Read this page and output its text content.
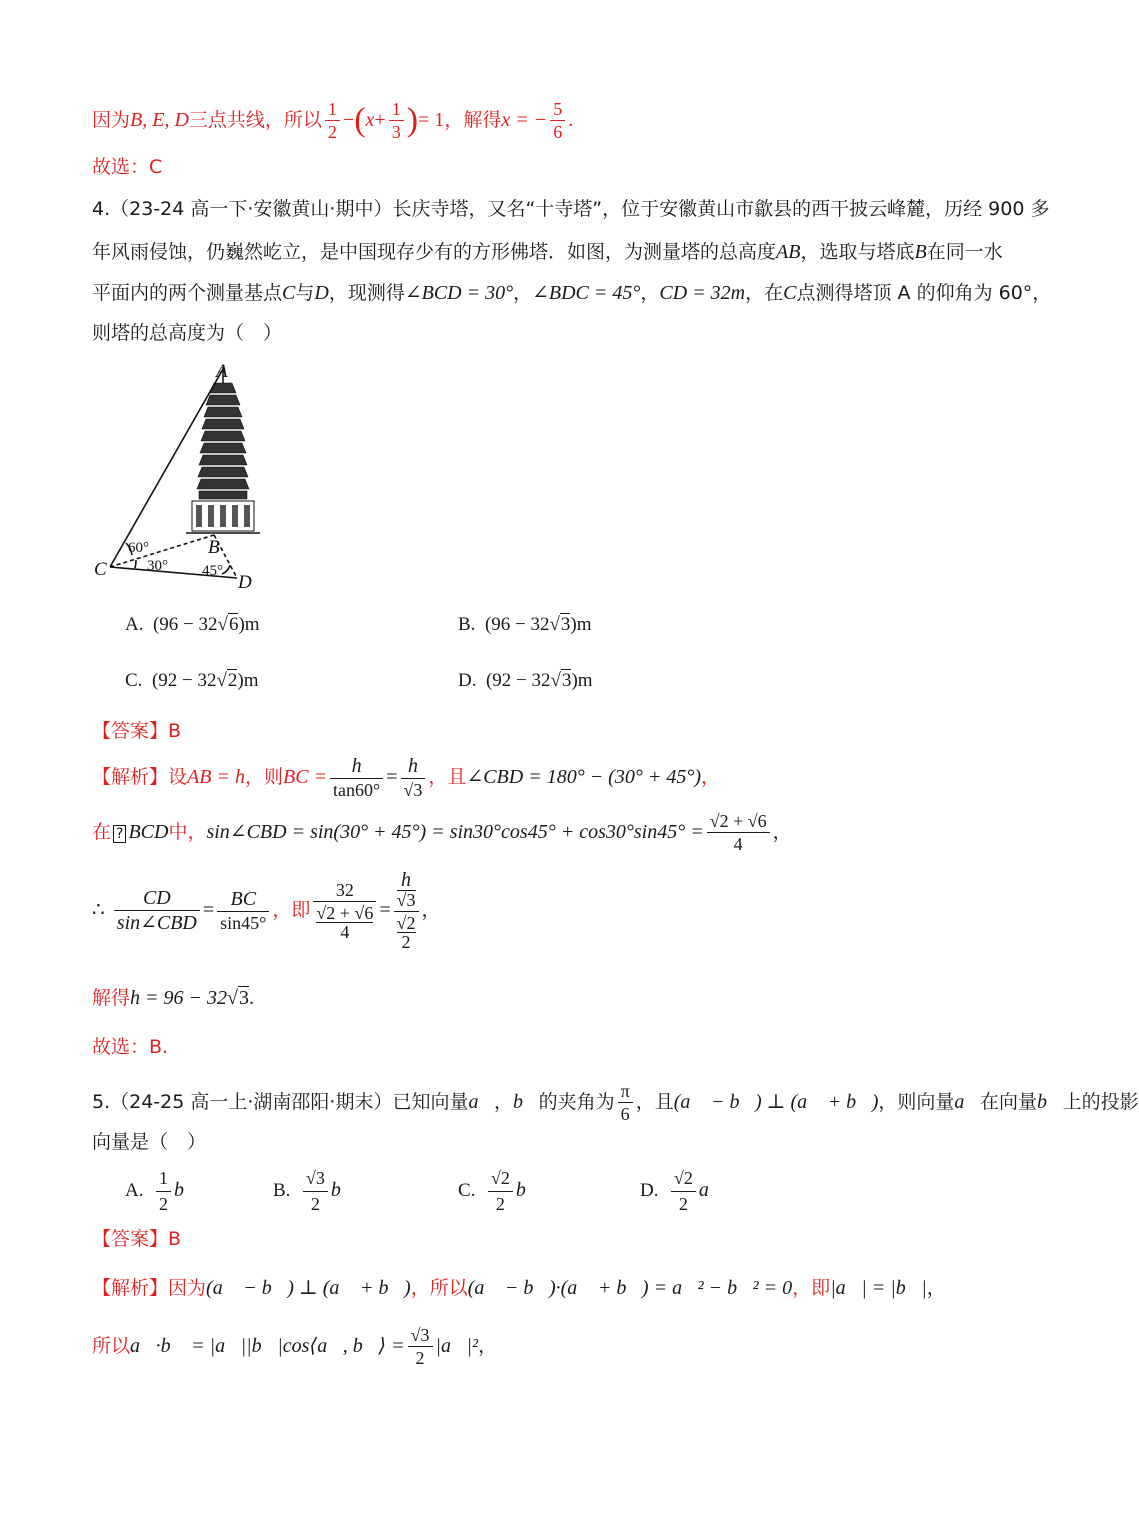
因为B, E, D三点共线，所以 $\frac{1}{2} -(x+ \frac{1}{3}$ )= 1，解得x = − $\frac{5}{6}$ .
故选：C
4.（23-24 高一下·安徽黄山·期中）长庆寺塔，又名“十寺塔”，位于安徽黄山市歙县的西干披云峰麓，历经 900 多
年风雨侵蚀，仍巍然屹立，是中国现存少有的方形佛塔．如图，为测量塔的总高度AB，选取与塔底B在同一水
平面内的两个测量基点C与D，现测得∠BCD = 30°，∠BDC = 45°，CD = 32m，在C点测得塔顶 A 的仰角为 60°，
则塔的总高度为（　）
A
B
C
D
60°
30° 45°
A. (96 − 32√6)m	B. (96 − 32√3)m
C. (92 − 32√2)m	D. (92 − 32√3)m
【答案】B
【解析】设AB = h，则BC = $\frac{h}{\tan 60^\circ} = \frac{h}{√3}$ ，且∠CBD = 180° − (30° + 45°)，
在 ? BCD中，sin∠CBD = $\sin(30^\circ + 45^\circ) = \sin 30^\circ\cos 45^\circ + \cos 30^\circ\sin 45^\circ = \frac{√2 + √6}{4}$ ，
∴ $\frac{CD}{\text{sin∠CBD}} = \frac{BC}{\sin 45^\circ}$ ，即 32
√2 + √6
4 = h
√3
√2
2 ，
解得h = 96 − 32√3.
故选：B.
5.（24-25 高一上·湖南邵阳·期末）已知向量a⃗，b⃗的夹角为 $\frac{\pi}{6}$ ，且(a⃗ − b⃗) ⊥ (a⃗ + b⃗)，则向量a⃗在向量b⃗上的投影
向量是（　）
A. $\frac{1}{2}$ b⃗	B. $\frac{√3}{2}$ b⃗	C. $\frac{√2}{2}$ b⃗	D. $\frac{√2}{2}$ a⃗
【答案】B
【解析】因为(a⃗ − b⃗) ⊥ (a⃗ + b⃗)，所以(a⃗ − b⃗)·(a⃗ + b⃗) = a⃗² − b⃗² = 0，即|a⃗| = |b⃗|，
所以a⃗·b⃗ = |a⃗||b⃗|cos⟨a⃗, b⃗⟩ = $\frac{√3}{2}$ |a⃗|²，
